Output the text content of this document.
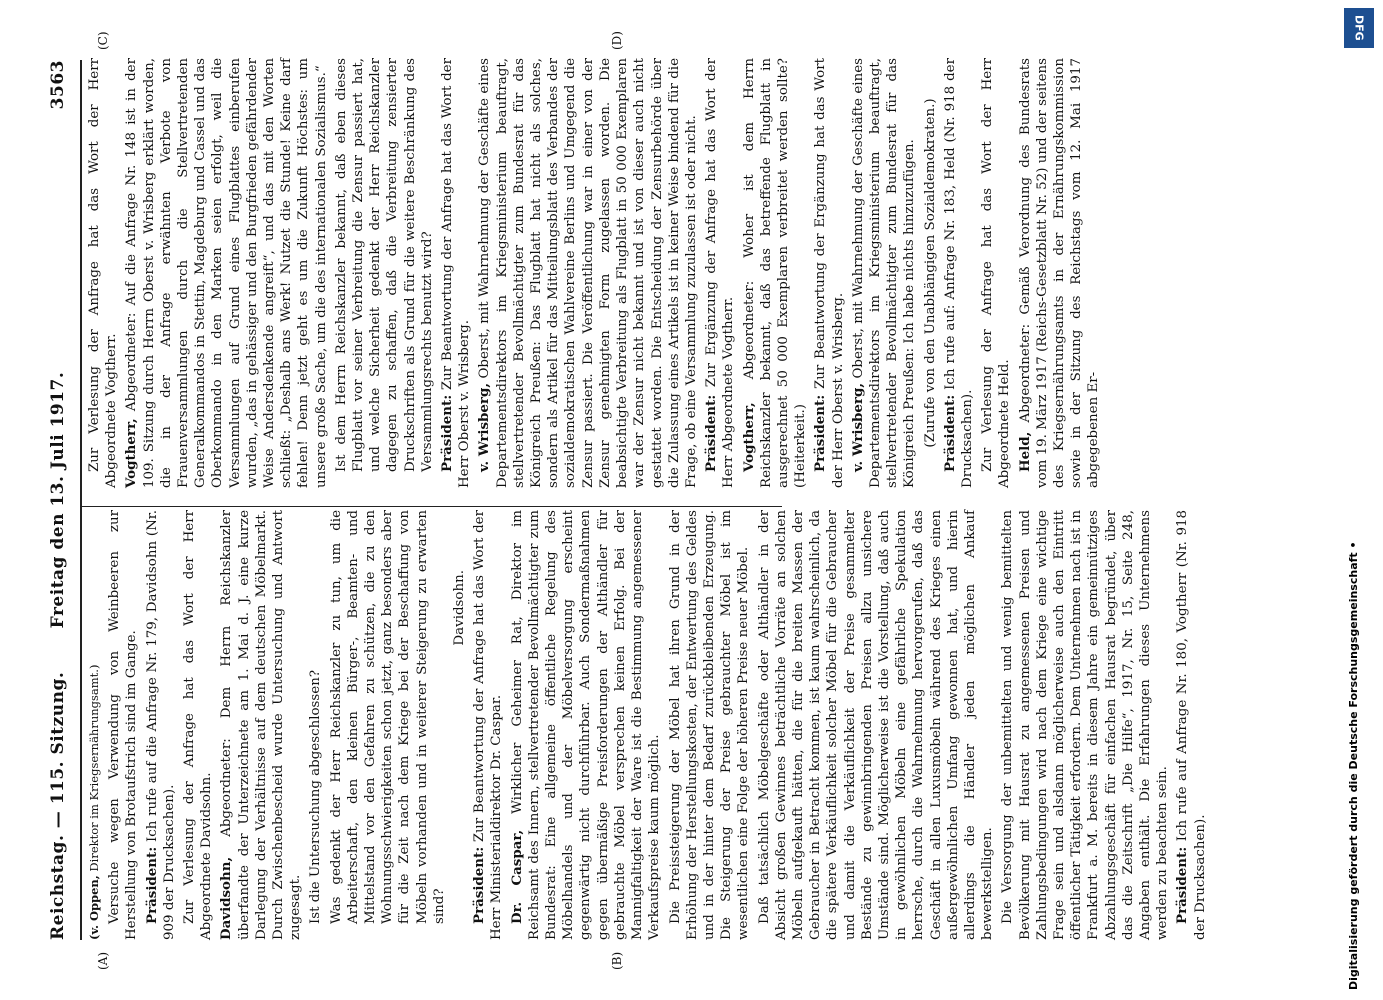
Reichstag. — 115. Sitzung.
Freitag den 13. Juli 1917.
3563
(A)	(B)
(C)	(D)

(v. Oppen, Direktor im Kriegsernährungsamt.) Versuche wegen Verwendung von Weinbeeren zur Herstellung von Brotaufstrich sind im Gange. Präsident: Ich rufe auf die Anfrage Nr. 179, Davidsohn (Nr. 909 der Drucksachen). Zur Verlesung der Anfrage hat das Wort der Herr Abgeordnete Davidsohn. Davidsohn, Abgeordneter: Dem Herrn Reichskanzler überfandte der Unterzeichnete am 1. Mai d. J. eine kurze Darlegung der Verhältnisse auf dem deutschen Möbelmarkt. Durch Zwischenbescheid wurde Untersuchung und Antwort zugesagt. Ist die Untersuchung abgeschlossen? Was gedenkt der Herr Reichskanzler zu tun, um die Arbeiterschaft, den kleinen Bürger-, Beamten- und Mittelstand vor den Gefahren zu schützen, die zu den Wohnungsschwierigkeiten schon jetzt, ganz besonders aber für die Zeit nach dem Kriege bei der Beschaffung von Möbeln vorhanden und in weiterer Steigerung zu erwarten sind?

Davidsohn.

Präsident: Zur Beantwortung der Anfrage hat das Wort der Herr Ministerialdirektor Dr. Caspar. Dr. Caspar, Wirklicher Geheimer Rat, Direktor im Reichsamt des Innern, stellvertretender Bevollmächtigter zum Bundesrat: Eine allgemeine öffentliche Regelung des Möbelhandels und der Möbelversorgung erscheint gegenwärtig nicht durchführbar. Auch Sondermaßnahmen gegen übermäßige Preisforderungen der Althändler für gebrauchte Möbel versprechen keinen Erfolg. Bei der Mannigfaltigkeit der Ware ist die Bestimmung angemessener Verkaufspreise kaum möglich. Die Preissteigerung der Möbel hat ihren Grund in der Erhöhung der Herstellungskosten, der Entwertung des Geldes und in der hinter dem Bedarf zurückbleibenden Erzeugung. Die Steigerung der Preise gebrauchter Möbel ist im wesentlichen eine Folge der höheren Preise neuer Möbel. Daß tatsächlich Möbelgeschäfte oder Althändler in der Absicht großen Gewinnes beträchtliche Vorräte an solchen Möbeln aufgekauft hätten, die für die breiten Massen der Gebraucher in Betracht kommen, ist kaum wahrscheinlich, da die spätere Verkäuflichkeit solcher Möbel für die Gebraucher und damit die Verkäuflichkeit der Preise gesammelter Bestände zu gewinnbringenden Preisen allzu unsichere Umstände sind. Möglicherweise ist die Vorstellung, daß auch in gewöhnlichen Möbeln eine gefährliche Spekulation herrsche, durch die Wahrnehmung hervorgerufen, daß das Geschäft in allen Luxusmöbeln während des Krieges einen außergewöhnlichen Umfang gewonnen hat, und hierin allerdings die Händler jeden möglichen Ankauf bewerkstelligen. Die Versorgung der unbemittelten und wenig bemittelten Bevölkerung mit Hausrat zu angemessenen Preisen und Zahlungsbedingungen wird nach dem Kriege eine wichtige Frage sein und alsdann möglicherweise auch den Eintritt öffentlicher Tätigkeit erfordern. Dem Unternehmen nach ist in Frankfurt a. M. bereits in diesem Jahre ein gemeinnütziges Abzahlungsgeschäft für einfachen Hausrat begründet, über das die Zeitschrift „Die Hilfe“, 1917, Nr. 15, Seite 248, Angaben enthält. Die Erfahrungen dieses Unternehmens werden zu beachten sein. Präsident: Ich rufe auf Anfrage Nr. 180, Vogtherr (Nr. 918 der Drucksachen).

Zur Verlesung der Anfrage hat das Wort der Herr Abgeordnete Vogtherr. Vogtherr, Abgeordneter: Auf die Anfrage Nr. 148 ist in der 109. Sitzung durch Herrn Oberst v. Wrisberg erklärt worden, die in der Anfrage erwähnten Verbote von Frauenversammlungen durch die Stellvertretenden Generalkommandos in Stettin, Magdeburg und Cassel und das Oberkommando in den Marken seien erfolgt, weil die Versammlungen auf Grund eines Flugblattes einberufen wurden, „das in gehässiger und den Burgfrieden gefährdender Weise Andersdenkende angreift“, und das mit den Worten schließt: „Deshalb ans Werk! Nutzet die Stunde! Keine darf fehlen! Denn jetzt geht es um die Zukunft Höchstes: um unsere große Sache, um die des internationalen Sozialismus.“ Ist dem Herrn Reichskanzler bekannt, daß eben dieses Flugblatt vor seiner Verbreitung die Zensur passiert hat, und welche Sicherheit gedenkt der Herr Reichskanzler dagegen zu schaffen, daß die Verbreitung zensierter Druckschriften als Grund für die weitere Beschränkung des Versammlungsrechts benutzt wird? Präsident: Zur Beantwortung der Anfrage hat das Wort der Herr Oberst v. Wrisberg. v. Wrisberg, Oberst, mit Wahrnehmung der Geschäfte eines Departementsdirektors im Kriegsministerium beauftragt, stellvertretender Bevollmächtigter zum Bundesrat für das Königreich Preußen: Das Flugblatt hat nicht als solches, sondern als Artikel für das Mitteilungsblatt des Verbandes der sozialdemokratischen Wahlvereine Berlins und Umgegend die Zensur passiert. Die Veröffentlichung war in einer von der Zensur genehmigten Form zugelassen worden. Die beabsichtigte Verbreitung als Flugblatt in 50 000 Exemplaren war der Zensur nicht bekannt und ist von dieser auch nicht gestattet worden. Die Entscheidung der Zensurbehörde über die Zulassung eines Artikels ist in keiner Weise bindend für die Frage, ob eine Versammlung zuzulassen ist oder nicht. Präsident: Zur Ergänzung der Anfrage hat das Wort der Herr Abgeordnete Vogtherr. Vogtherr, Abgeordneter: Woher ist dem Herrn Reichskanzler bekannt, daß das betreffende Flugblatt in ausgerechnet 50 000 Exemplaren verbreitet werden sollte? (Heiterkeit.) Präsident: Zur Beantwortung der Ergänzung hat das Wort der Herr Oberst v. Wrisberg. v. Wrisberg, Oberst, mit Wahrnehmung der Geschäfte eines Departementsdirektors im Kriegsministerium beauftragt, stellvertretender Bevollmächtigter zum Bundesrat für das Königreich Preußen: Ich habe nichts hinzuzufügen. (Zurufe von den Unabhängigen Sozialdemokraten.) Präsident: Ich rufe auf: Anfrage Nr. 183, Held (Nr. 918 der Drucksachen). Zur Verlesung der Anfrage hat das Wort der Herr Abgeordnete Held. Held, Abgeordneter: Gemäß Verordnung des Bundesrats vom 19. März 1917 (Reichs-Gesetzblatt Nr. 52) und der seitens des Kriegsernährungsamts in der Ernährungskommission sowie in der Sitzung des Reichstags vom 12. Mai 1917 abgegebenen Er-

DFG
Digitalisierung gefördert durch die Deutsche Forschungsgemeinschaft •
